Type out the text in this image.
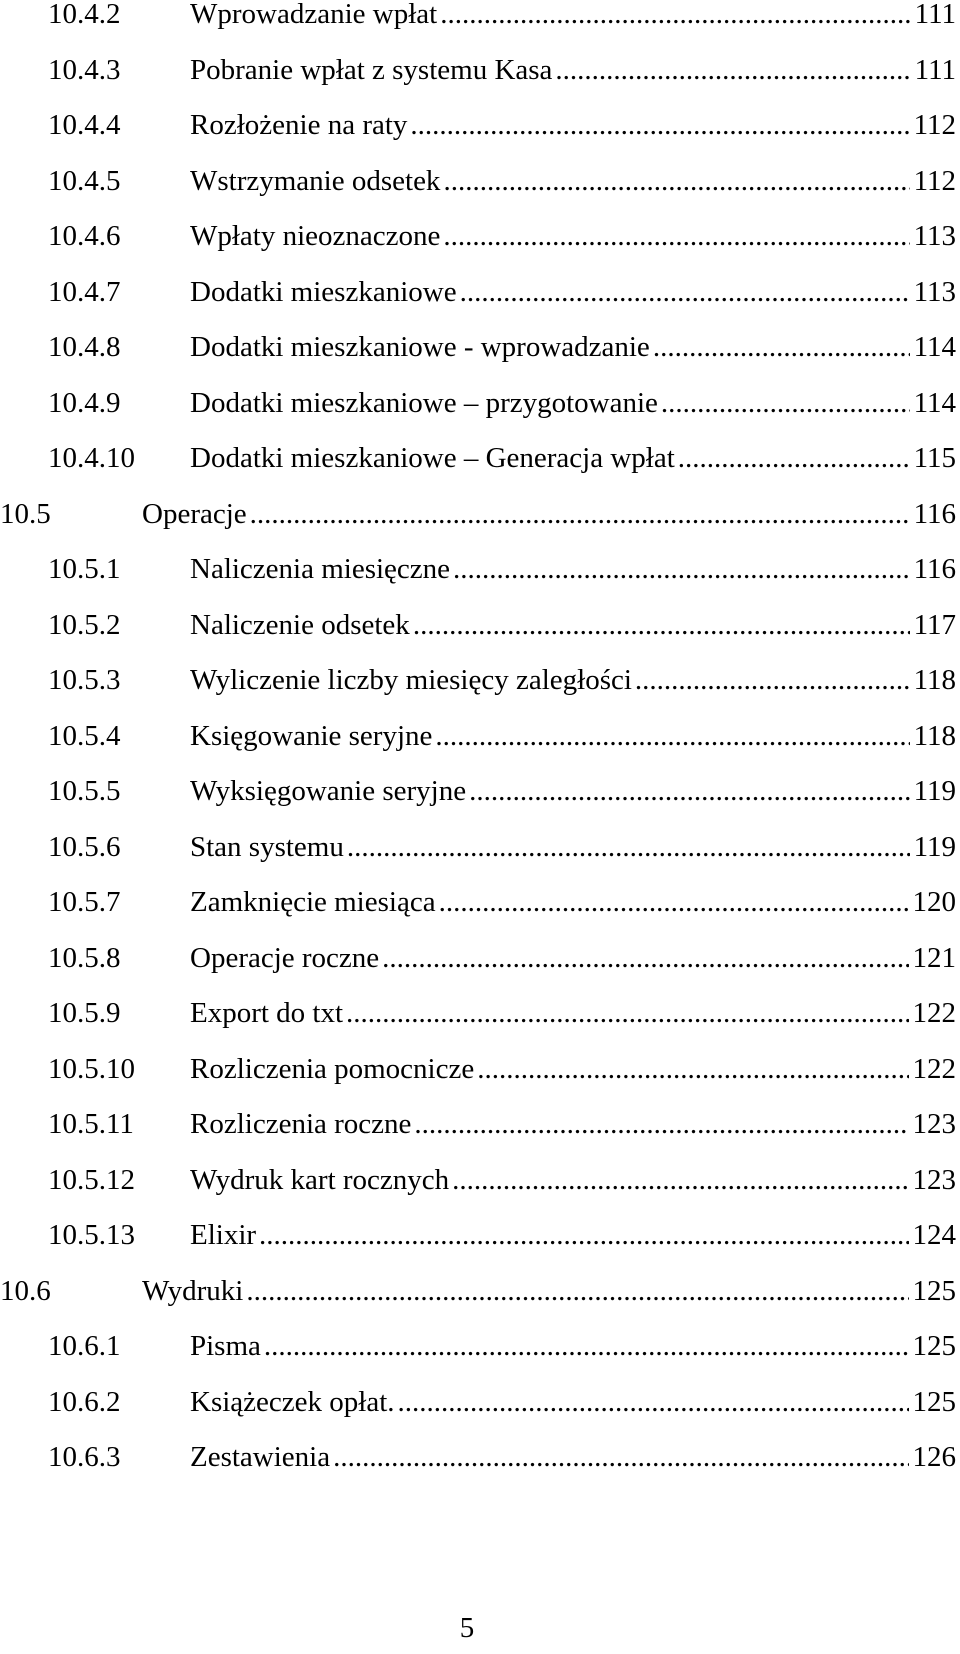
10.4.2 Wprowadzanie wpłat .....	111
10.4.3 Pobranie wpłat z systemu Kasa .....	111
10.4.4 Rozłożenie na raty .....	112
10.4.5 Wstrzymanie odsetek .....	112
10.4.6 Wpłaty nieoznaczone .....	113
10.4.7 Dodatki mieszkaniowe .....	113
10.4.8 Dodatki mieszkaniowe - wprowadzanie .....	114
10.4.9 Dodatki mieszkaniowe – przygotowanie .....	114
10.4.10 Dodatki mieszkaniowe – Generacja wpłat .....	115
10.5	Operacje .....	116
10.5.1 Naliczenia miesięczne .....	116
10.5.2 Naliczenie odsetek .....	117
10.5.3 Wyliczenie liczby miesięcy zaległości .....	118
10.5.4 Księgowanie seryjne .....	118
10.5.5 Wyksięgowanie seryjne .....	119
10.5.6 Stan systemu .....	119
10.5.7 Zamknięcie miesiąca .....	120
10.5.8 Operacje roczne .....	121
10.5.9 Export do txt .....	122
10.5.10 Rozliczenia pomocnicze .....	122
10.5.11 Rozliczenia roczne .....	123
10.5.12 Wydruk kart rocznych .....	123
10.5.13 Elixir .....	124
10.6	Wydruki .....	125
10.6.1 Pisma .....	125
10.6.2 Książeczek opłat. .....	125
10.6.3 Zestawienia .....	126
5
